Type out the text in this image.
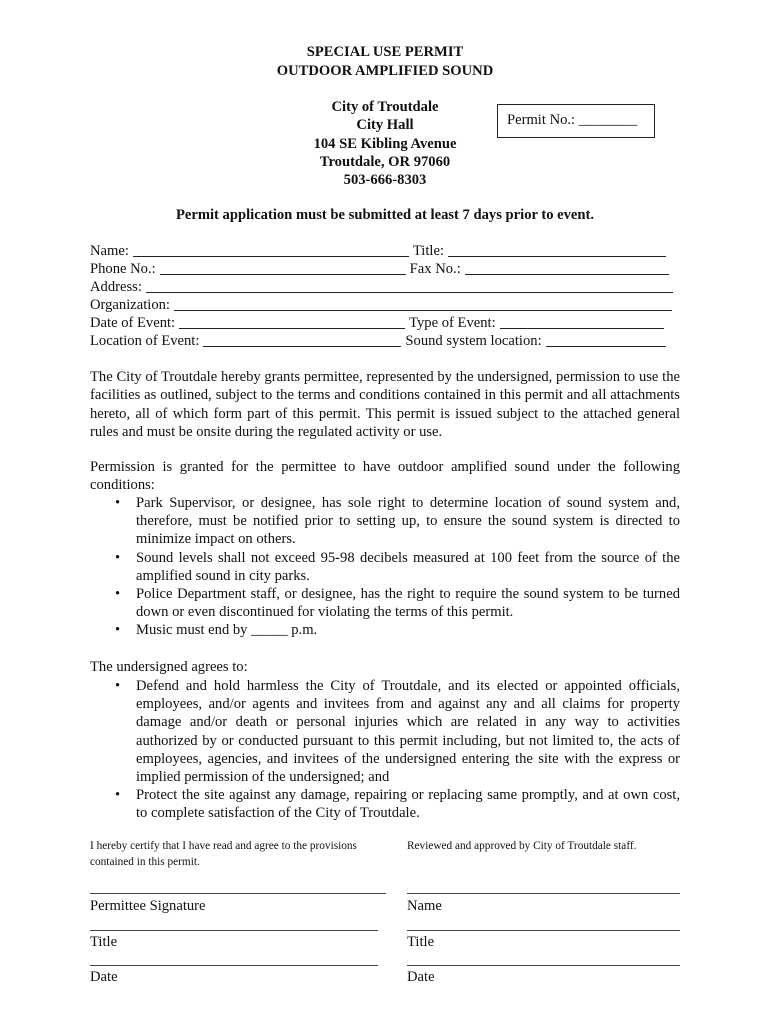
SPECIAL USE PERMIT
OUTDOOR AMPLIFIED SOUND
City of Troutdale
City Hall
104 SE Kibling Avenue
Troutdale, OR 97060
503-666-8303
Permit No.: ________
Permit application must be submitted at least 7 days prior to event.
Name:	Title:
Phone No.:	Fax No.:
Address:
Organization:
Date of Event:	Type of Event:
Location of Event:	Sound system location:
The City of Troutdale hereby grants permittee, represented by the undersigned, permission to use the facilities as outlined, subject to the terms and conditions contained in this permit and all attachments hereto, all of which form part of this permit. This permit is issued subject to the attached general rules and must be onsite during the regulated activity or use.
Permission is granted for the permittee to have outdoor amplified sound under the following conditions:
• Park Supervisor, or designee, has sole right to determine location of sound system and, therefore, must be notified prior to setting up, to ensure the sound system is directed to minimize impact on others.
• Sound levels shall not exceed 95-98 decibels measured at 100 feet from the source of the amplified sound in city parks.
• Police Department staff, or designee, has the right to require the sound system to be turned down or even discontinued for violating the terms of this permit.
• Music must end by _____ p.m.
The undersigned agrees to:
• Defend and hold harmless the City of Troutdale, and its elected or appointed officials, employees, and/or agents and invitees from and against any and all claims for property damage and/or death or personal injuries which are related in any way to activities authorized by or conducted pursuant to this permit including, but not limited to, the acts of employees, agencies, and invitees of the undersigned entering the site with the express or implied permission of the undersigned; and
• Protect the site against any damage, repairing or replacing same promptly, and at own cost, to complete satisfaction of the City of Troutdale.
I hereby certify that I have read and agree to the provisions contained in this permit.
Reviewed and approved by City of Troutdale staff.
Permittee Signature
Title
Date
Name
Title
Date
